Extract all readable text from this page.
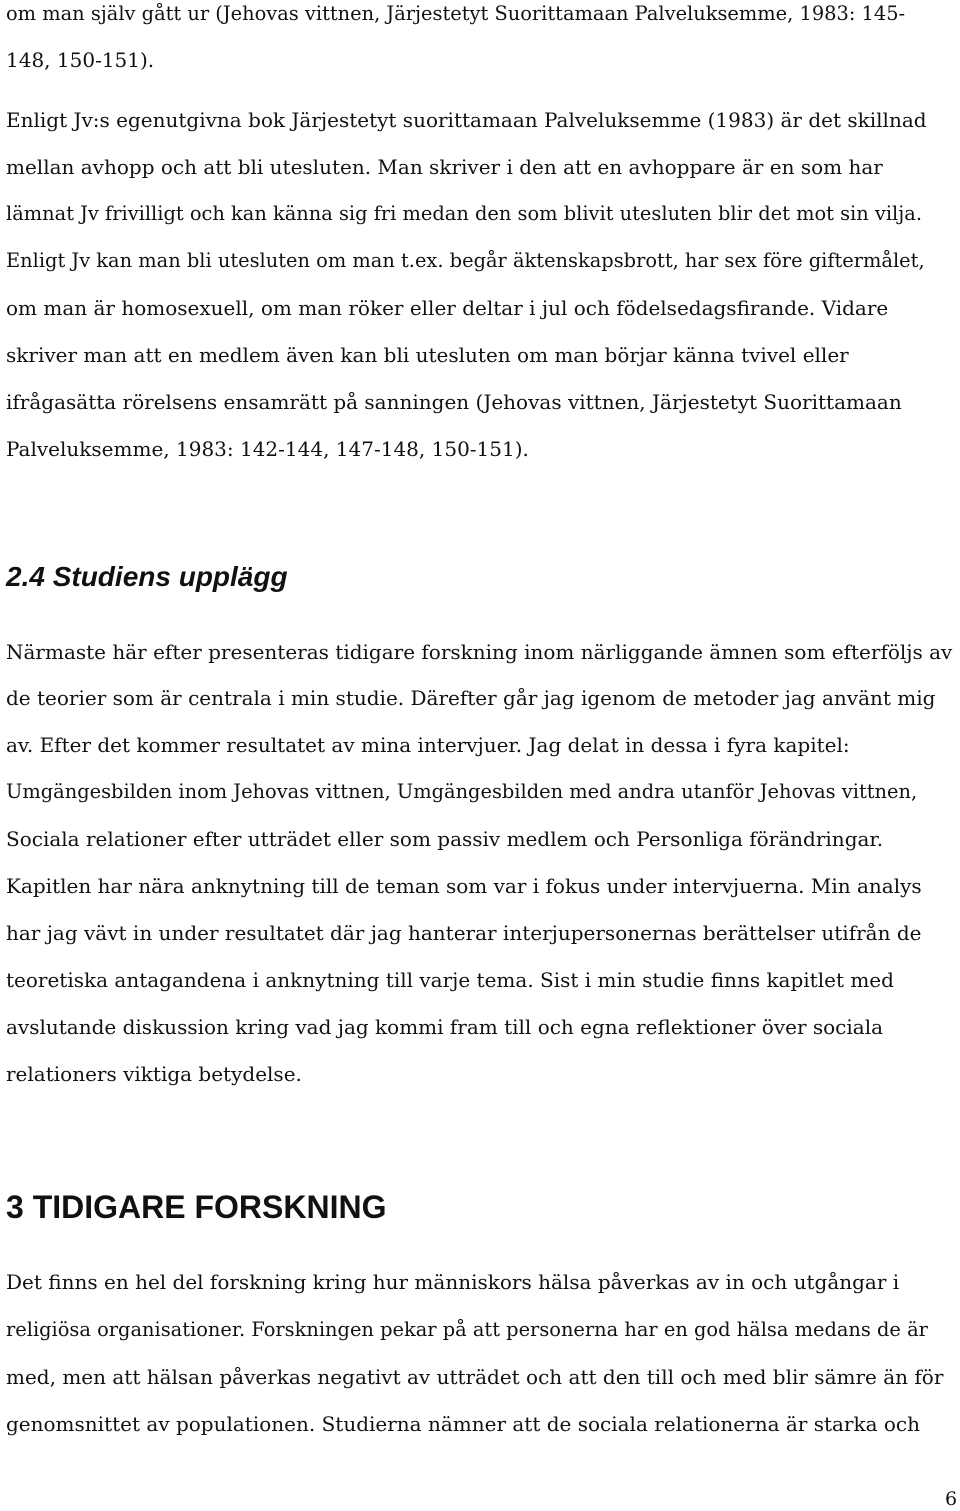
om man själv gått ur (Jehovas vittnen, Järjestetyt Suorittamaan Palveluksemme, 1983: 145-
148, 150-151).
Enligt Jv:s egenutgivna bok Järjestetyt suorittamaan Palveluksemme (1983) är det skillnad
mellan avhopp och att bli utesluten. Man skriver i den att en avhoppare är en som har
lämnat Jv frivilligt och kan känna sig fri medan den som blivit utesluten blir det mot sin vilja.
Enligt Jv kan man bli utesluten om man t.ex. begår äktenskapsbrott, har sex före giftermålet,
om man är homosexuell, om man röker eller deltar i jul och födelsedagsfirande. Vidare
skriver man att en medlem även kan bli utesluten om man börjar känna tvivel eller
ifrågasätta rörelsens ensamrätt på sanningen (Jehovas vittnen, Järjestetyt Suorittamaan
Palveluksemme, 1983: 142-144, 147-148, 150-151).
2.4 Studiens upplägg
Närmaste här efter presenteras tidigare forskning inom närliggande ämnen som efterföljs av
de teorier som är centrala i min studie. Därefter går jag igenom de metoder jag använt mig
av. Efter det kommer resultatet av mina intervjuer. Jag delat in dessa i fyra kapitel:
Umgängesbilden inom Jehovas vittnen, Umgängesbilden med andra utanför Jehovas vittnen,
Sociala relationer efter utträdet eller som passiv medlem och Personliga förändringar.
Kapitlen har nära anknytning till de teman som var i fokus under intervjuerna. Min analys
har jag vävt in under resultatet där jag hanterar interjupersonernas berättelser utifrån de
teoretiska antagandena i anknytning till varje tema. Sist i min studie finns kapitlet med
avslutande diskussion kring vad jag kommi fram till och egna reflektioner över sociala
relationers viktiga betydelse.
3 TIDIGARE FORSKNING
Det finns en hel del forskning kring hur människors hälsa påverkas av in och utgångar i
religiösa organisationer. Forskningen pekar på att personerna har en god hälsa medans de är
med, men att hälsan påverkas negativt av utträdet och att den till och med blir sämre än för
genomsnittet av populationen. Studierna nämner att de sociala relationerna är starka och
6
